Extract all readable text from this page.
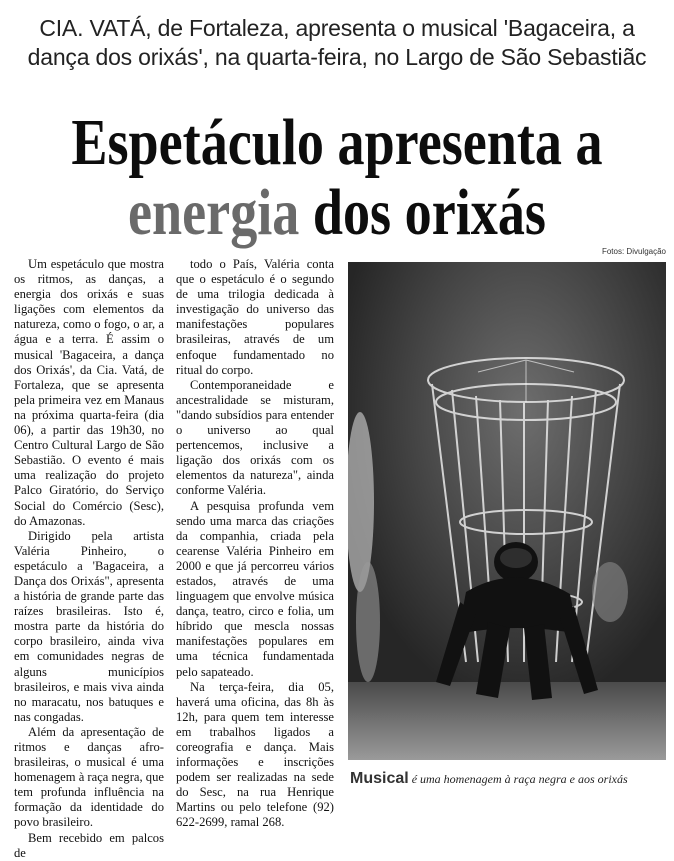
CIA. VATÁ, de Fortaleza, apresenta o musical 'Bagaceira, a
dança dos orixás', na quarta-feira, no Largo de São Sebastiãc
Espetáculo apresenta a
energia dos orixás
Fotos: Divulgação

Um espetáculo que mostra os ritmos, as danças, a energia dos orixás e suas ligações com elementos da natureza, como o fogo, o ar, a água e a terra. É assim o musical 'Bagaceira, a dança dos Orixás', da Cia. Vatá, de Fortaleza, que se apresenta pela primeira vez em Manaus na próxima quarta-feira (dia 06), a partir das 19h30, no Centro Cultural Largo de São Sebastião. O evento é mais uma realização do projeto Palco Giratório, do Serviço Social do Comércio (Sesc), do Amazonas.

Dirigido pela artista Valéria Pinheiro, o espetáculo a 'Bagaceira, a Dança dos Orixás", apresenta a história de grande parte das raízes brasileiras. Isto é, mostra parte da história do corpo brasileiro, ainda viva em comunidades negras de alguns municípios brasileiros, e mais viva ainda no maracatu, nos batuques e nas congadas.

Além da apresentação de ritmos e danças afro-brasileiras, o musical é uma homenagem à raça negra, que tem profunda influência na formação da identidade do povo brasileiro.

Bem recebido em palcos de

todo o País, Valéria conta que o espetáculo é o segundo de uma trilogia dedicada à investigação do universo das manifestações populares brasileiras, através de um enfoque fundamentado no ritual do corpo.

Contemporaneidade e ancestralidade se misturam, "dando subsídios para entender o universo ao qual pertencemos, inclusive a ligação dos orixás com os elementos da natureza", ainda conforme Valéria.

A pesquisa profunda vem sendo uma marca das criações da companhia, criada pela cearense Valéria Pinheiro em 2000 e que já percorreu vários estados, através de uma linguagem que envolve música dança, teatro, circo e folia, um híbrido que mescla nossas manifestações populares em uma técnica fundamentada pelo sapateado.

Na terça-feira, dia 05, haverá uma oficina, das 8h às 12h, para quem tem interesse em trabalhos ligados a coreografia e dança. Mais informações e inscrições podem ser realizadas na sede do Sesc, na rua Henrique Martins ou pelo telefone (92) 622-2699, ramal 268.

Musical é uma homenagem à raça negra e aos orixás
